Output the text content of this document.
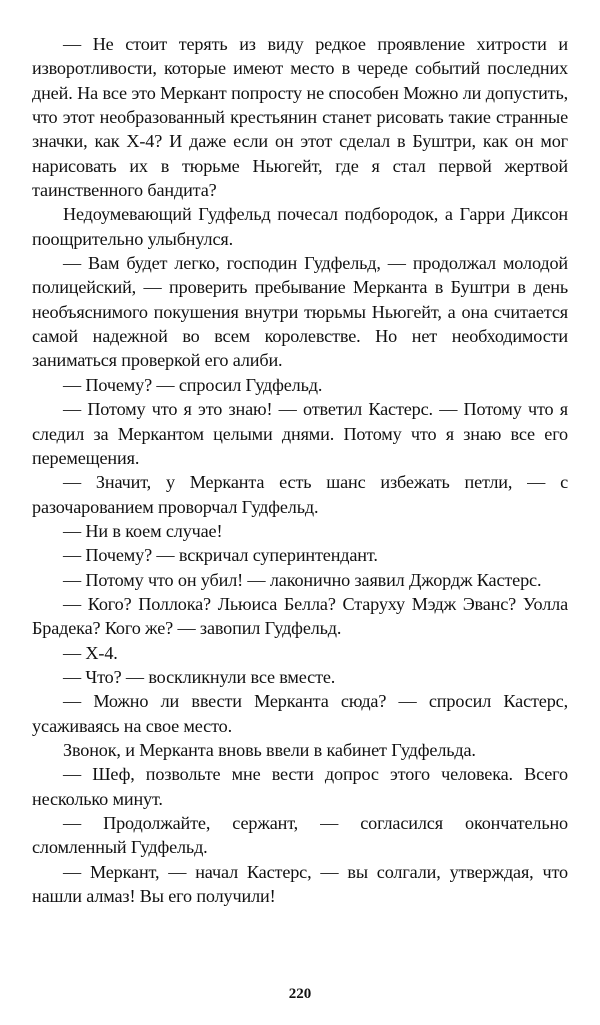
— Не стоит терять из виду редкое проявление хитрости и изворотливости, которые имеют место в череде событий последних дней. На все это Меркант попросту не способен Можно ли допустить, что этот необразованный крестьянин станет рисовать такие странные значки, как Х-4? И даже если он этот сделал в Буштри, как он мог нарисовать их в тюрьме Ньюгейт, где я стал первой жертвой таинственного бандита?

Недоумевающий Гудфельд почесал подбородок, а Гарри Диксон поощрительно улыбнулся.

— Вам будет легко, господин Гудфельд, — продолжал молодой полицейский, — проверить пребывание Меркантa в Буштри в день необъяснимого покушения внутри тюрьмы Ньюгейт, а она считается самой надежной во всем королевстве. Но нет необходимости заниматься проверкой его алиби.

— Почему? — спросил Гудфельд.

— Потому что я это знаю! — ответил Кастерс. — Потому что я следил за Меркантом целыми днями. Потому что я знаю все его перемещения.

— Значит, у Мерканта есть шанс избежать петли, — с разочарованием проворчал Гудфельд.

— Ни в коем случае!

— Почему? — вскричал суперинтендант.

— Потому что он убил! — лаконично заявил Джордж Кастерс.

— Кого? Поллока? Льюиса Белла? Старуху Мэдж Эванс? Уолла Брадека? Кого же? — завопил Гудфельд.

— Х-4.

— Что? — воскликнули все вместе.

— Можно ли ввести Мерканта сюда? — спросил Кастерс, усаживаясь на свое место.

Звонок, и Мерканта вновь ввели в кабинет Гудфельда.

— Шеф, позвольте мне вести допрос этого человека. Всего несколько минут.

— Продолжайте, сержант, — согласился окончательно сломленный Гудфельд.

— Меркант, — начал Кастерс, — вы солгали, утверждая, что нашли алмаз! Вы его получили!

220
